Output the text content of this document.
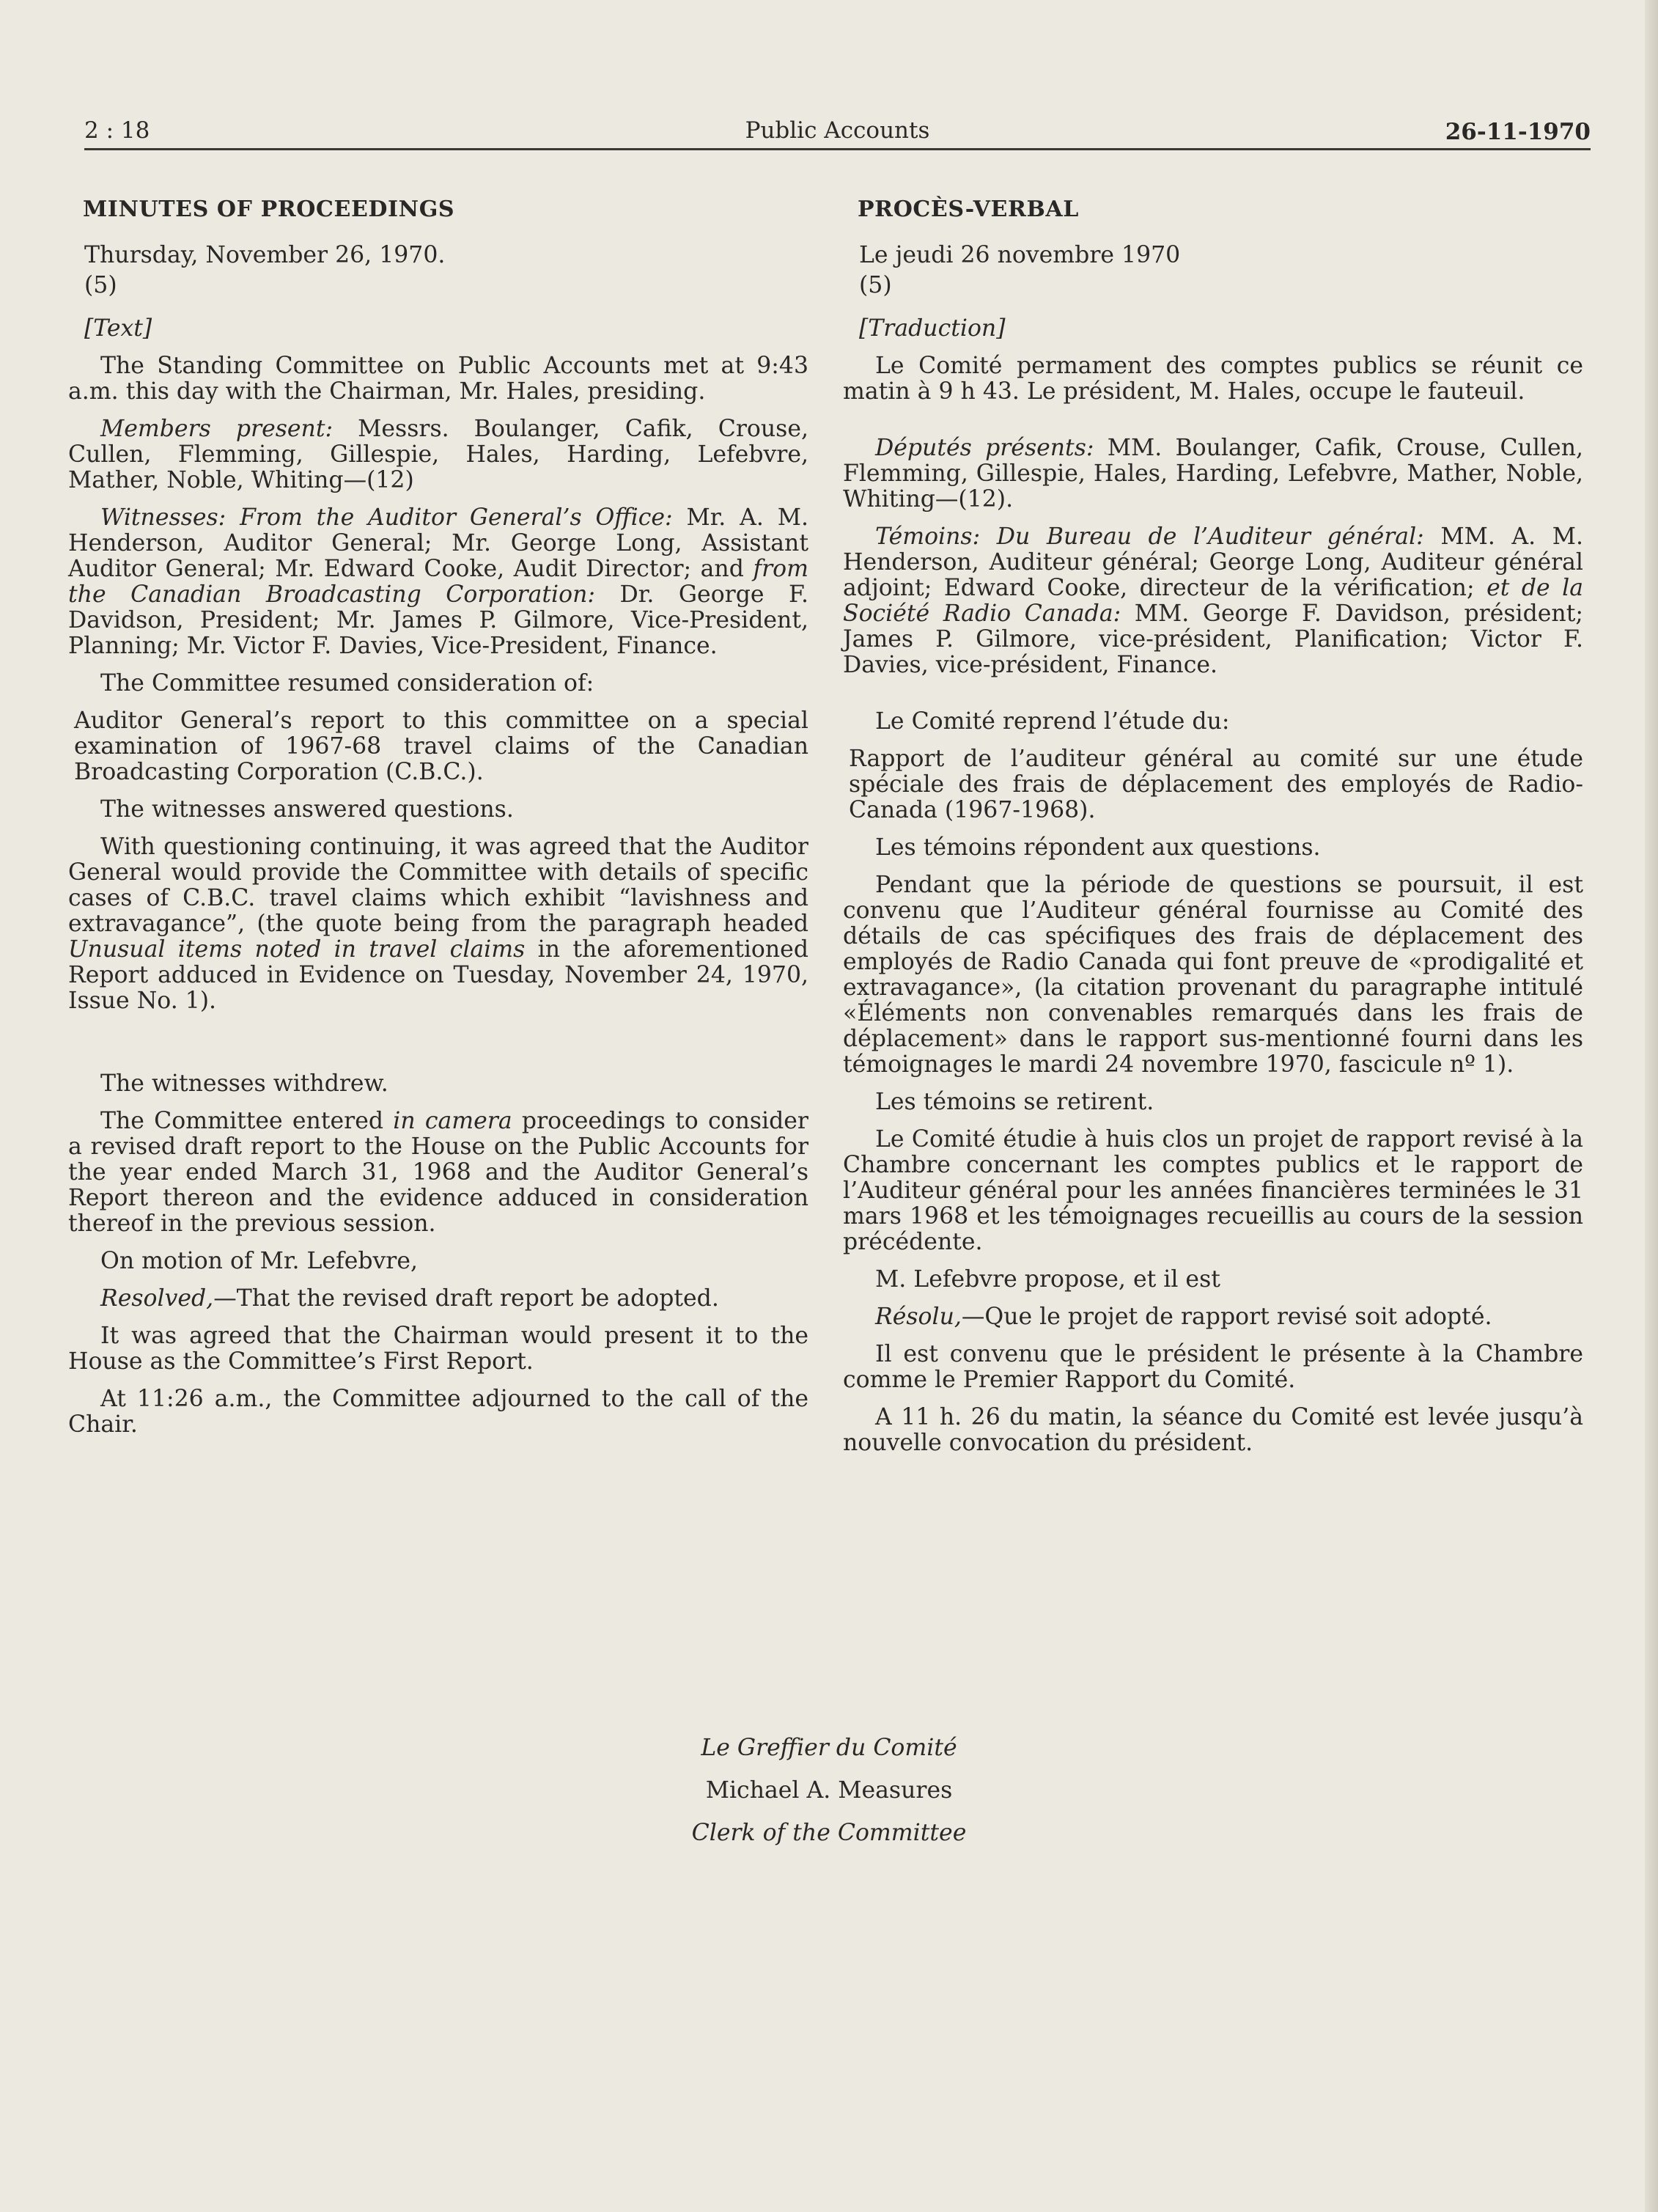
2 : 18	Public Accounts	26-11-1970
MINUTES OF PROCEEDINGS

Thursday, November 26, 1970.

(5)

[Text]

The Standing Committee on Public Accounts met at 9:43 a.m. this day with the Chairman, Mr. Hales, presiding.

Members present: Messrs. Boulanger, Cafik, Crouse, Cullen, Flemming, Gillespie, Hales, Harding, Lefebvre, Mather, Noble, Whiting—(12)

Witnesses: From the Auditor General’s Office: Mr. A. M. Henderson, Auditor General; Mr. George Long, Assistant Auditor General; Mr. Edward Cooke, Audit Director; and from the Canadian Broadcasting Corporation: Dr. George F. Davidson, President; Mr. James P. Gilmore, Vice-President, Planning; Mr. Victor F. Davies, Vice-President, Finance.

The Committee resumed consideration of:

Auditor General’s report to this committee on a special examination of 1967-68 travel claims of the Canadian Broadcasting Corporation (C.B.C.).

The witnesses answered questions.

With questioning continuing, it was agreed that the Auditor General would provide the Committee with details of specific cases of C.B.C. travel claims which exhibit “lavishness and extravagance”, (the quote being from the paragraph headed Unusual items noted in travel claims in the aforementioned Report adduced in Evidence on Tuesday, November 24, 1970, Issue No. 1).

The witnesses withdrew.

The Committee entered in camera proceedings to consider a revised draft report to the House on the Public Accounts for the year ended March 31, 1968 and the Auditor General’s Report thereon and the evidence adduced in consideration thereof in the previous session.

On motion of Mr. Lefebvre,

Resolved,—That the revised draft report be adopted.

It was agreed that the Chairman would present it to the House as the Committee’s First Report.

At 11:26 a.m., the Committee adjourned to the call of the Chair.

PROCÈS-VERBAL

Le jeudi 26 novembre 1970

(5)

[Traduction]

Le Comité permament des comptes publics se réunit ce matin à 9 h 43. Le président, M. Hales, occupe le fauteuil.

Députés présents: MM. Boulanger, Cafik, Crouse, Cullen, Flemming, Gillespie, Hales, Harding, Lefebvre, Mather, Noble, Whiting—(12).

Témoins: Du Bureau de l’Auditeur général: MM. A. M. Henderson, Auditeur général; George Long, Auditeur général adjoint; Edward Cooke, directeur de la vérification; et de la Société Radio Canada: MM. George F. Davidson, président; James P. Gilmore, vice-président, Planification; Victor F. Davies, vice-président, Finance.

Le Comité reprend l’étude du:

Rapport de l’auditeur général au comité sur une étude spéciale des frais de déplacement des employés de Radio-Canada (1967-1968).

Les témoins répondent aux questions.

Pendant que la période de questions se poursuit, il est convenu que l’Auditeur général fournisse au Comité des détails de cas spécifiques des frais de déplacement des employés de Radio Canada qui font preuve de «prodigalité et extravagance», (la citation provenant du paragraphe intitulé «Éléments non convenables remarqués dans les frais de déplacement» dans le rapport sus-mentionné fourni dans les témoignages le mardi 24 novembre 1970, fascicule nº 1).

Les témoins se retirent.

Le Comité étudie à huis clos un projet de rapport revisé à la Chambre concernant les comptes publics et le rapport de l’Auditeur général pour les années financières terminées le 31 mars 1968 et les témoignages recueillis au cours de la session précédente.

M. Lefebvre propose, et il est

Résolu,—Que le projet de rapport revisé soit adopté.

Il est convenu que le président le présente à la Chambre comme le Premier Rapport du Comité.

A 11 h. 26 du matin, la séance du Comité est levée jusqu’à nouvelle convocation du président.

Le Greffier du Comité
Michael A. Measures
Clerk of the Committee
